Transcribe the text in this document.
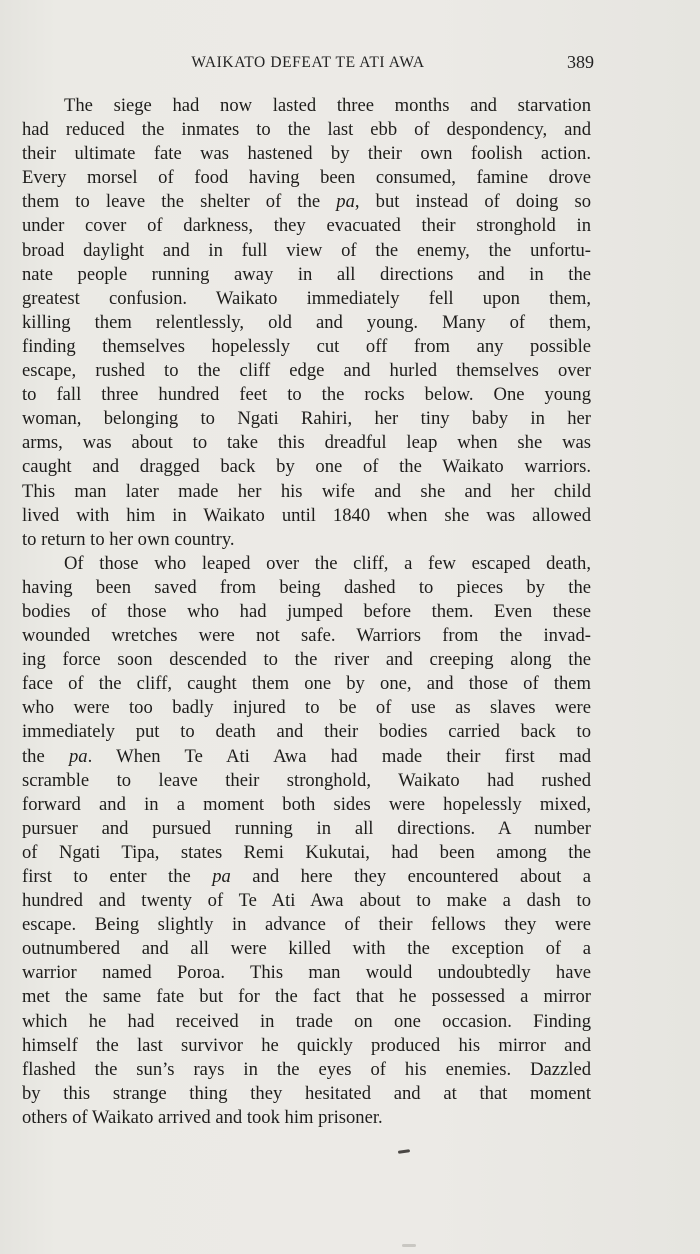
WAIKATO DEFEAT TE ATI AWA	389
The siege had now lasted three months and starvation
had reduced the inmates to the last ebb of despondency, and
their ultimate fate was hastened by their own foolish action.
Every morsel of food having been consumed, famine drove
them to leave the shelter of the pa, but instead of doing so
under cover of darkness, they evacuated their stronghold in
broad daylight and in full view of the enemy, the unfortu-
nate people running away in all directions and in the
greatest confusion. Waikato immediately fell upon them,
killing them relentlessly, old and young. Many of them,
finding themselves hopelessly cut off from any possible
escape, rushed to the cliff edge and hurled themselves over
to fall three hundred feet to the rocks below. One young
woman, belonging to Ngati Rahiri, her tiny baby in her
arms, was about to take this dreadful leap when she was
caught and dragged back by one of the Waikato warriors.
This man later made her his wife and she and her child
lived with him in Waikato until 1840 when she was allowed
to return to her own country.
Of those who leaped over the cliff, a few escaped death,
having been saved from being dashed to pieces by the
bodies of those who had jumped before them. Even these
wounded wretches were not safe. Warriors from the invad-
ing force soon descended to the river and creeping along the
face of the cliff, caught them one by one, and those of them
who were too badly injured to be of use as slaves were
immediately put to death and their bodies carried back to
the pa. When Te Ati Awa had made their first mad
scramble to leave their stronghold, Waikato had rushed
forward and in a moment both sides were hopelessly mixed,
pursuer and pursued running in all directions. A number
of Ngati Tipa, states Remi Kukutai, had been among the
first to enter the pa and here they encountered about a
hundred and twenty of Te Ati Awa about to make a dash to
escape. Being slightly in advance of their fellows they were
outnumbered and all were killed with the exception of a
warrior named Poroa. This man would undoubtedly have
met the same fate but for the fact that he possessed a mirror
which he had received in trade on one occasion. Finding
himself the last survivor he quickly produced his mirror and
flashed the sun’s rays in the eyes of his enemies. Dazzled
by this strange thing they hesitated and at that moment
others of Waikato arrived and took him prisoner.
